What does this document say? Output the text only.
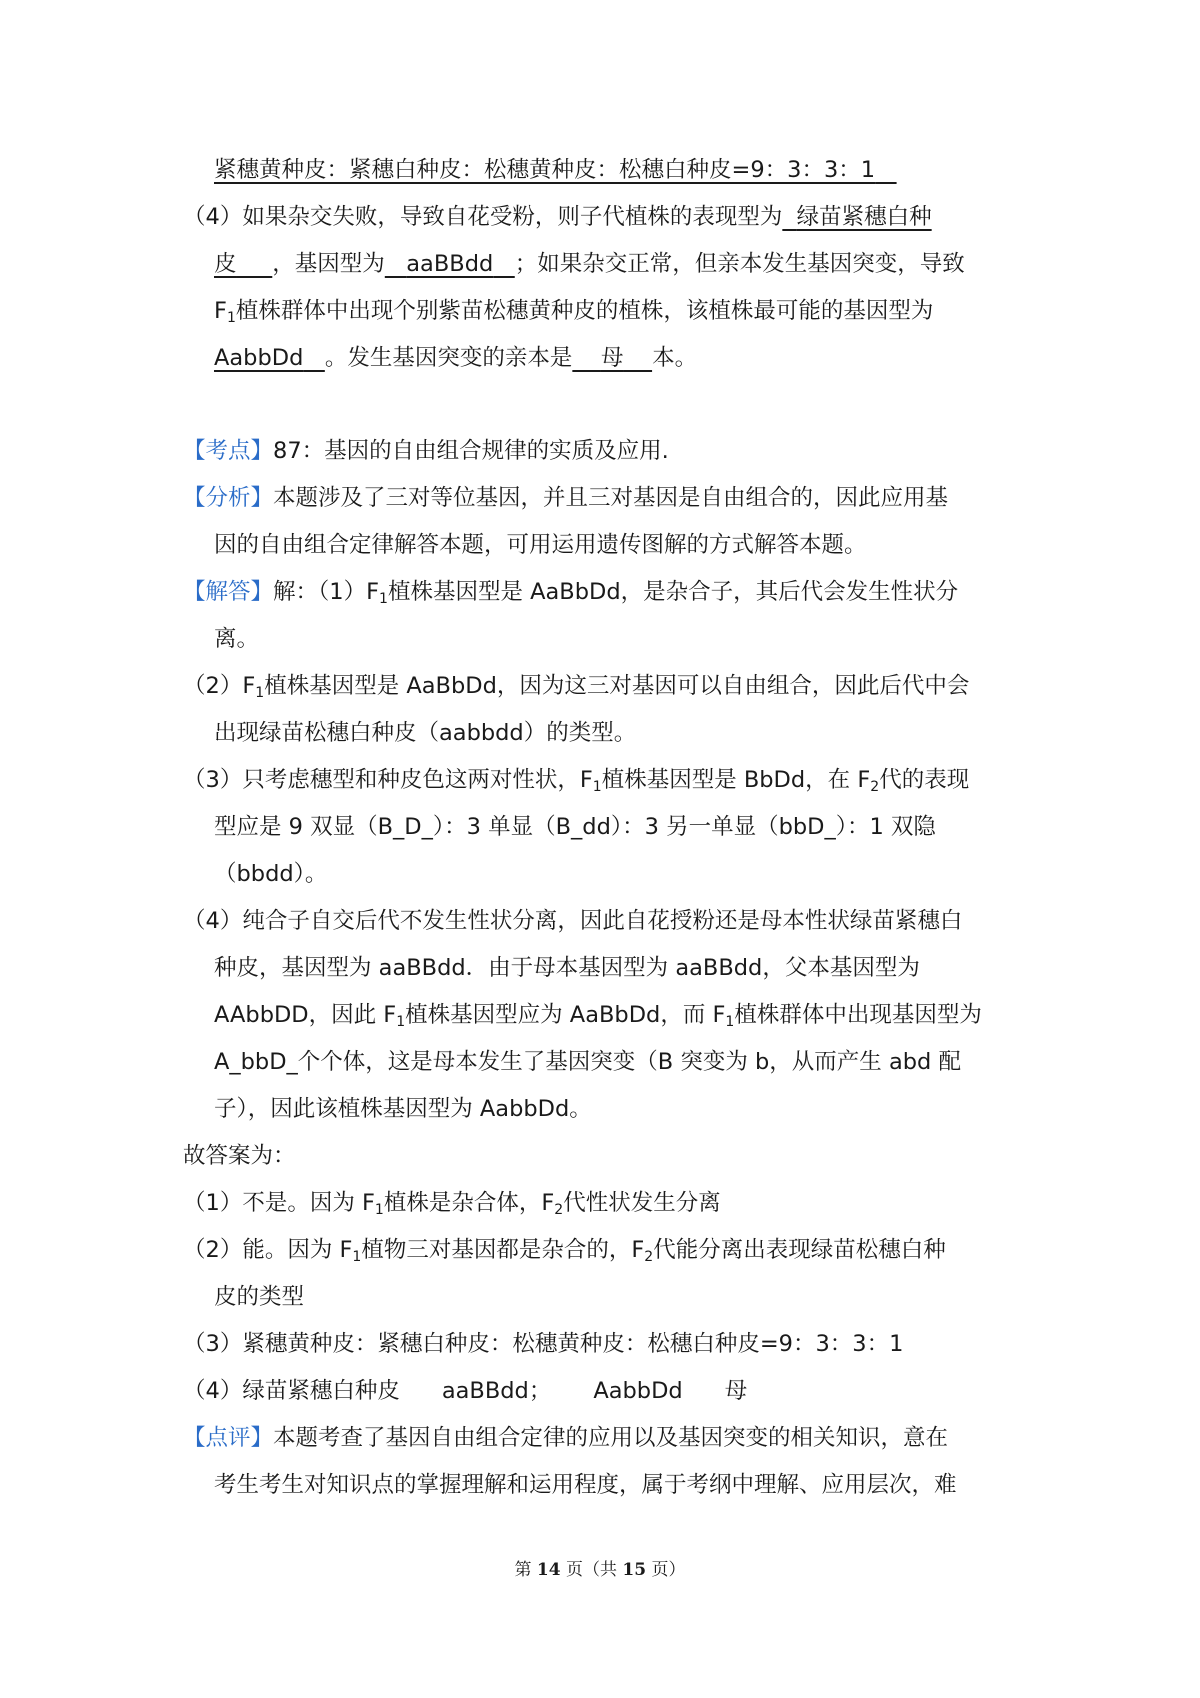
紧穗黄种皮：紧穗白种皮：松穗黄种皮：松穗白种皮=9：3：3：1
（4）如果杂交失败，导致自花受粉，则子代植株的表现型为 绿苗紧穗白种
皮 ，基因型为 aaBBdd ；如果杂交正常，但亲本发生基因突变，导致
$F_1$植株群体中出现个别紫苗松穗黄种皮的植株，该植株最可能的基因型为
AabbDd 。发生基因突变的亲本是 母 本。
【考点】87：基因的自由组合规律的实质及应用.
【分析】本题涉及了三对等位基因，并且三对基因是自由组合的，因此应用基
因的自由组合定律解答本题，可用运用遗传图解的方式解答本题。
【解答】解：$(1)F_1$植株基因型是 AaBbDd，是杂合子，其后代会发生性状分
离。
$(2)F_1$植株基因型是 AaBbDd，因为这三对基因可以自由组合，因此后代中会
出现绿苗松穗白种皮（aabbdd）的类型。
（3）只考虑穗型和种皮色这两对性状，$F_1$植株基因型是 BbDd，在 $F_2$代的表现
型应是 9 双显（B_D_）：3 单显（B_dd）：3 另一单显（bbD_）：1 双隐
（bbdd）。
（4）纯合子自交后代不发生性状分离，因此自花授粉还是母本性状绿苗紧穗白
种皮，基因型为 aaBBdd．由于母本基因型为 aaBBdd，父本基因型为
AAbbDD，因此 $F_1$植株基因型应为 AaBbDd，而 $F_1$植株群体中出现基因型为
A_bbD_个个体，这是母本发生了基因突变（B 突变为 b，从而产生 abd 配
子），因此该植株基因型为 AabbDd。
故答案为：
（1）不是。因为 $F_1$植株是杂合体，$F_2$代性状发生分离
（2）能。因为 $F_1$植物三对基因都是杂合的，$F_2$代能分离出表现绿苗松穗白种
皮的类型
（3）紧穗黄种皮：紧穗白种皮：松穗黄种皮：松穗白种皮=9：3：3：1
（4）绿苗紧穗白种皮 aaBBdd； AabbDd 母
【点评】本题考查了基因自由组合定律的应用以及基因突变的相关知识，意在
考生考生对知识点的掌握理解和运用程度，属于考纲中理解、应用层次，难
第 14 页（共 15 页）
